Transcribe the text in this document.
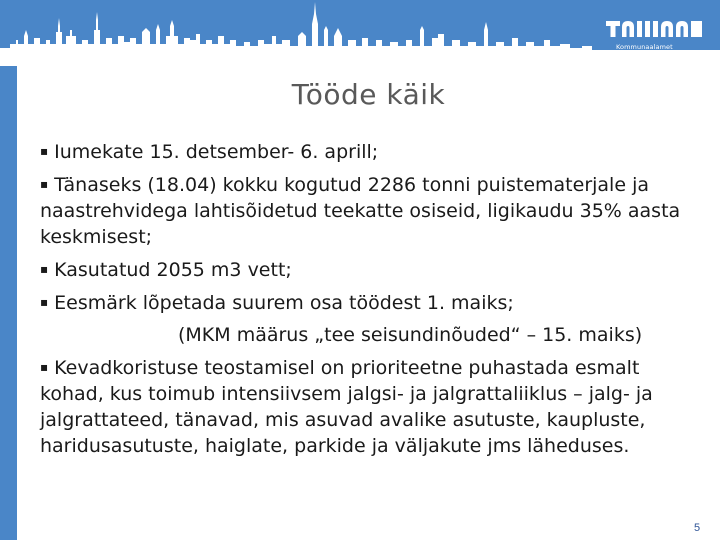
Kommunaalamet
Tööde käik

▪ Iumekate 15. detsember- 6. aprill;

▪ Tänaseks (18.04) kokku kogutud 2286 tonni puistematerjale ja naastrehvidega lahtisõidetud teekatte osiseid, ligikaudu 35% aasta keskmisest;

▪ Kasutatud 2055 m3 vett;

▪ Eesmärk lõpetada suurem osa töödest 1. maiks;

(MKM määrus „tee seisundinõuded“ – 15. maiks)

▪ Kevadkoristuse teostamisel on prioriteetne puhastada esmalt kohad, kus toimub intensiivsem jalgsi- ja jalgrattaliiklus – jalg- ja jalgrattateed, tänavad, mis asuvad avalike asutuste, kaupluste, haridusasutuste, haiglate, parkide ja väljakute jms läheduses.

5
